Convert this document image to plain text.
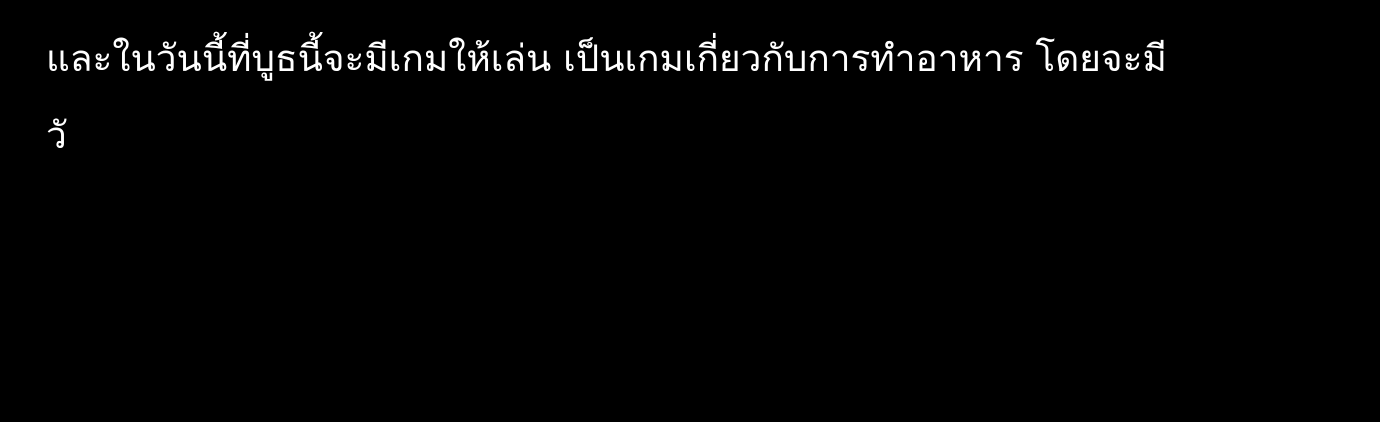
และในวันนี้ที่บูธนี้จะมีเกมให้เล่น เป็นเกมเกี่ยวกับการทำอาหาร โดยจะมี
วั
